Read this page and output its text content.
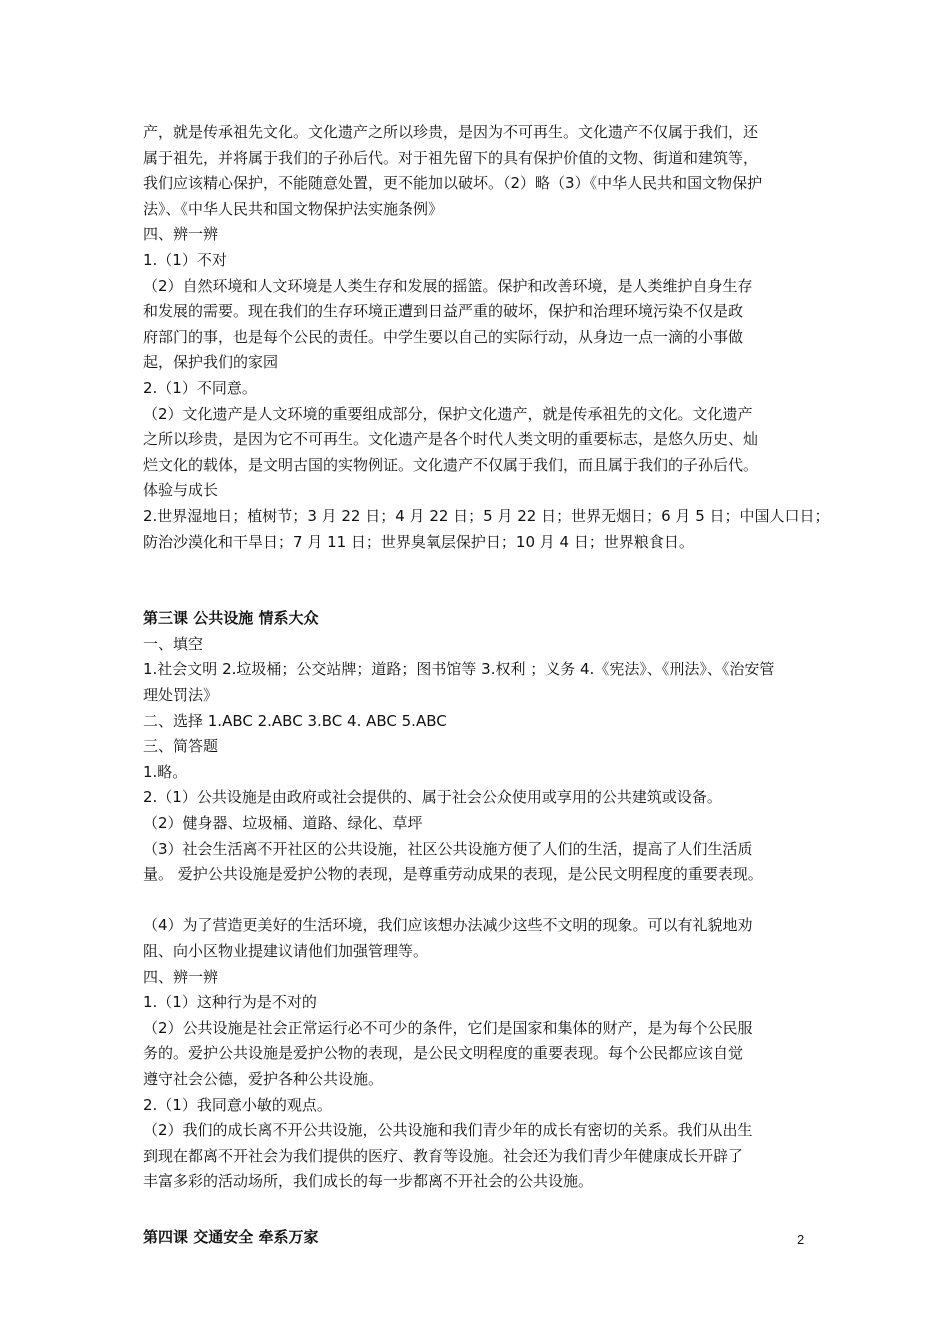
产，就是传承祖先文化。文化遗产之所以珍贵，是因为不可再生。文化遗产不仅属于我们，还
属于祖先，并将属于我们的子孙后代。对于祖先留下的具有保护价值的文物、街道和建筑等，
我们应该精心保护，不能随意处置，更不能加以破坏。（2）略（3）《中华人民共和国文物保护
法》、《中华人民共和国文物保护法实施条例》
四、辨一辨
1.（1）不对
（2）自然环境和人文环境是人类生存和发展的摇篮。保护和改善环境，是人类维护自身生存
和发展的需要。现在我们的生存环境正遭到日益严重的破坏，保护和治理环境污染不仅是政
府部门的事，也是每个公民的责任。中学生要以自己的实际行动，从身边一点一滴的小事做
起，保护我们的家园
2.（1）不同意。
（2）文化遗产是人文环境的重要组成部分，保护文化遗产，就是传承祖先的文化。文化遗产
之所以珍贵，是因为它不可再生。文化遗产是各个时代人类文明的重要标志，是悠久历史、灿
烂文化的载体，是文明古国的实物例证。文化遗产不仅属于我们，而且属于我们的子孙后代。
体验与成长
2.世界湿地日；植树节；3 月 22 日；4 月 22 日；5 月 22 日；世界无烟日；6 月 5 日；中国人口日；
防治沙漠化和干旱日；7 月 11 日；世界臭氧层保护日；10 月 4 日；世界粮食日。
第三课 公共设施 情系大众
一、填空
1.社会文明 2.垃圾桶；公交站牌；道路；图书馆等 3.权利 ；义务 4.《宪法》、《刑法》、《治安管
理处罚法》
二、选择 1.ABC 2.ABC 3.BC 4. ABC 5.ABC
三、简答题
1.略。
2.（1）公共设施是由政府或社会提供的、属于社会公众使用或享用的公共建筑或设备。
（2）健身器、垃圾桶、道路、绿化、草坪
（3）社会生活离不开社区的公共设施，社区公共设施方便了人们的生活，提高了人们生活质
量。 爱护公共设施是爱护公物的表现，是尊重劳动成果的表现，是公民文明程度的重要表现。
（4）为了营造更美好的生活环境，我们应该想办法减少这些不文明的现象。可以有礼貌地劝
阻、向小区物业提建议请他们加强管理等。
四、辨一辨
1.（1）这种行为是不对的
（2）公共设施是社会正常运行必不可少的条件，它们是国家和集体的财产，是为每个公民服
务的。爱护公共设施是爱护公物的表现，是公民文明程度的重要表现。每个公民都应该自觉
遵守社会公德，爱护各种公共设施。
2.（1）我同意小敏的观点。
（2）我们的成长离不开公共设施，公共设施和我们青少年的成长有密切的关系。我们从出生
到现在都离不开社会为我们提供的医疗、教育等设施。社会还为我们青少年健康成长开辟了
丰富多彩的活动场所，我们成长的每一步都离不开社会的公共设施。
第四课 交通安全 牵系万家	2
